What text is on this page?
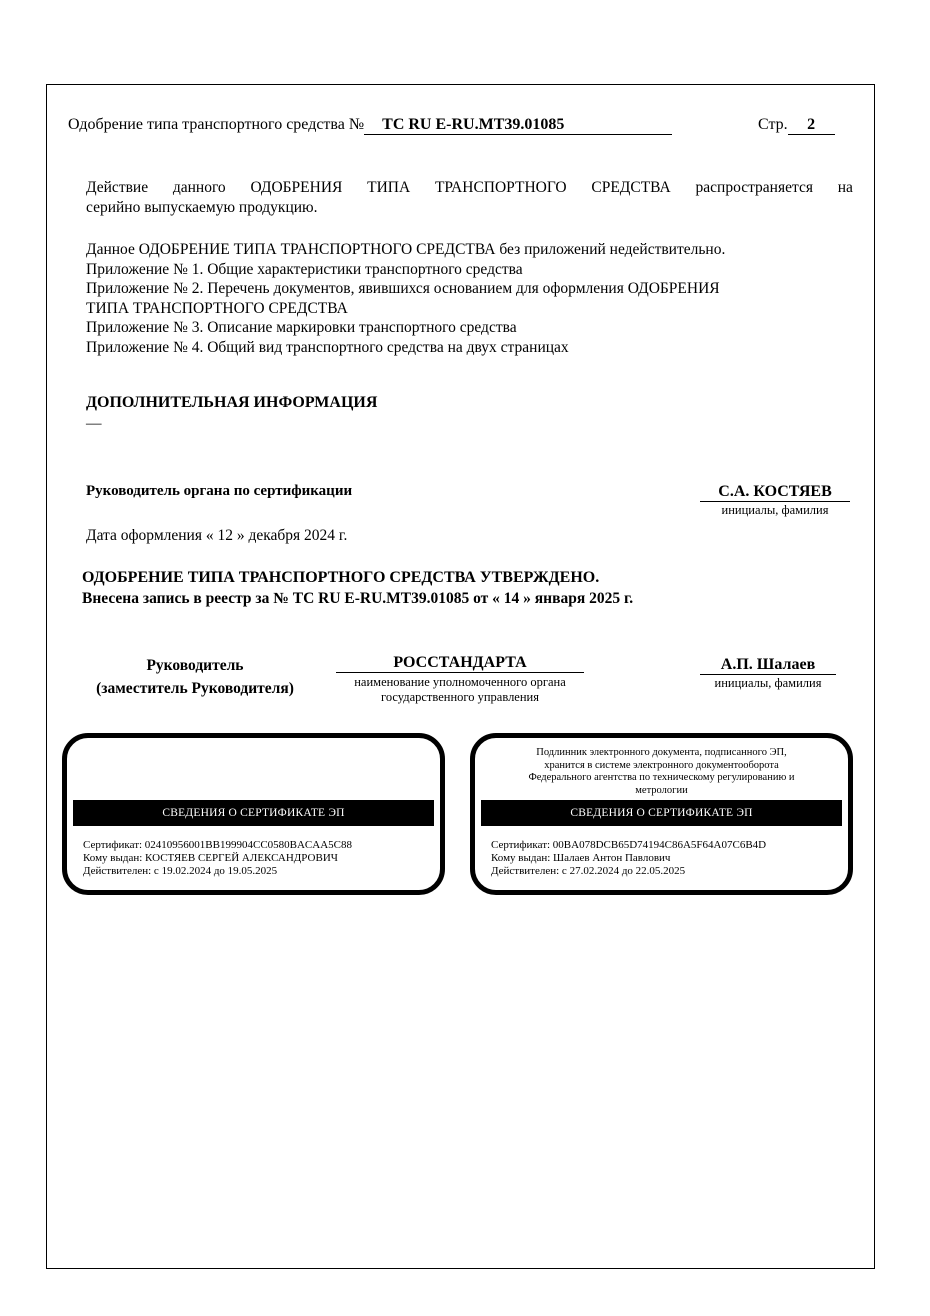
Одобрение типа транспортного средства № ТС RU E-RU.МТ39.01085	Стр. 2
Действие данного ОДОБРЕНИЯ ТИПА ТРАНСПОРТНОГО СРЕДСТВА распространяется на
серийно выпускаемую продукцию.
Данное ОДОБРЕНИЕ ТИПА ТРАНСПОРТНОГО СРЕДСТВА без приложений недействительно.
Приложение № 1. Общие характеристики транспортного средства
Приложение № 2. Перечень документов, явившихся основанием для оформления ОДОБРЕНИЯ
ТИПА ТРАНСПОРТНОГО СРЕДСТВА
Приложение № 3. Описание маркировки транспортного средства
Приложение № 4. Общий вид транспортного средства на двух страницах
ДОПОЛНИТЕЛЬНАЯ ИНФОРМАЦИЯ
—
Руководитель органа по сертификации	С.А. КОСТЯЕВ
инициалы, фамилия
Дата оформления « 12 » декабря 2024 г.
ОДОБРЕНИЕ ТИПА ТРАНСПОРТНОГО СРЕДСТВА УТВЕРЖДЕНО.
Внесена запись в реестр за № ТС RU E-RU.МТ39.01085 от « 14 » января 2025 г.
Руководитель
(заместитель Руководителя)
РОССТАНДАРТА
наименование уполномоченного органа
государственного управления
А.П. Шалаев
инициалы, фамилия
СВЕДЕНИЯ О СЕРТИФИКАТЕ ЭП
Сертификат: 02410956001BB199904CC0580BACAA5C88
Кому выдан: КОСТЯЕВ СЕРГЕЙ АЛЕКСАНДРОВИЧ
Действителен: с 19.02.2024 до 19.05.2025
Подлинник электронного документа, подписанного ЭП,
хранится в системе электронного документооборота
Федерального агентства по техническому регулированию и
метрологии
СВЕДЕНИЯ О СЕРТИФИКАТЕ ЭП
Сертификат: 00BA078DCB65D74194C86A5F64A07C6B4D
Кому выдан: Шалаев Антон Павлович
Действителен: с 27.02.2024 до 22.05.2025
